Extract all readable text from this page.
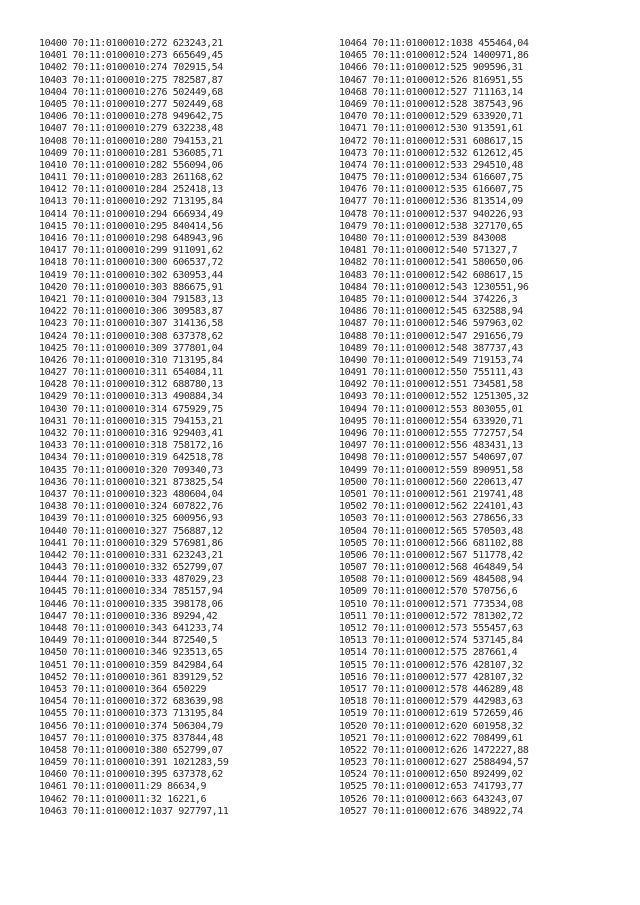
10400 70:11:0100010:272 623243,21
10401 70:11:0100010:273 665649,45
10402 70:11:0100010:274 702915,54
10403 70:11:0100010:275 782587,87
10404 70:11:0100010:276 502449,68
10405 70:11:0100010:277 502449,68
10406 70:11:0100010:278 949642,75
10407 70:11:0100010:279 632238,48
10408 70:11:0100010:280 794153,21
10409 70:11:0100010:281 536085,71
10410 70:11:0100010:282 556094,06
10411 70:11:0100010:283 261168,62
10412 70:11:0100010:284 252418,13
10413 70:11:0100010:292 713195,84
10414 70:11:0100010:294 666934,49
10415 70:11:0100010:295 840414,56
10416 70:11:0100010:298 648943,96
10417 70:11:0100010:299 911091,62
10418 70:11:0100010:300 606537,72
10419 70:11:0100010:302 630953,44
10420 70:11:0100010:303 886675,91
10421 70:11:0100010:304 791583,13
10422 70:11:0100010:306 309583,87
10423 70:11:0100010:307 314136,58
10424 70:11:0100010:308 637378,62
10425 70:11:0100010:309 377801,04
10426 70:11:0100010:310 713195,84
10427 70:11:0100010:311 654084,11
10428 70:11:0100010:312 688780,13
10429 70:11:0100010:313 490884,34
10430 70:11:0100010:314 675929,75
10431 70:11:0100010:315 794153,21
10432 70:11:0100010:316 929403,41
10433 70:11:0100010:318 758172,16
10434 70:11:0100010:319 642518,78
10435 70:11:0100010:320 709340,73
10436 70:11:0100010:321 873825,54
10437 70:11:0100010:323 480604,04
10438 70:11:0100010:324 607822,76
10439 70:11:0100010:325 600956,93
10440 70:11:0100010:327 756887,12
10441 70:11:0100010:329 576981,86
10442 70:11:0100010:331 623243,21
10443 70:11:0100010:332 652799,07
10444 70:11:0100010:333 487029,23
10445 70:11:0100010:334 785157,94
10446 70:11:0100010:335 398178,06
10447 70:11:0100010:336 89294,42
10448 70:11:0100010:343 641233,74
10449 70:11:0100010:344 872540,5
10450 70:11:0100010:346 923513,65
10451 70:11:0100010:359 842984,64
10452 70:11:0100010:361 839129,52
10453 70:11:0100010:364 650229
10454 70:11:0100010:372 683639,98
10455 70:11:0100010:373 713195,84
10456 70:11:0100010:374 506304,79
10457 70:11:0100010:375 837844,48
10458 70:11:0100010:380 652799,07
10459 70:11:0100010:391 1021283,59
10460 70:11:0100010:395 637378,62
10461 70:11:0100011:29 86634,9
10462 70:11:0100011:32 16221,6
10463 70:11:0100012:1037 927797,11
10464 70:11:0100012:1038 455464,04
10465 70:11:0100012:524 1400971,86
10466 70:11:0100012:525 909596,31
10467 70:11:0100012:526 816951,55
10468 70:11:0100012:527 711163,14
10469 70:11:0100012:528 387543,96
10470 70:11:0100012:529 633920,71
10471 70:11:0100012:530 913591,61
10472 70:11:0100012:531 608617,15
10473 70:11:0100012:532 612612,45
10474 70:11:0100012:533 294510,48
10475 70:11:0100012:534 616607,75
10476 70:11:0100012:535 616607,75
10477 70:11:0100012:536 813514,09
10478 70:11:0100012:537 940226,93
10479 70:11:0100012:538 327170,65
10480 70:11:0100012:539 843008
10481 70:11:0100012:540 571327,7
10482 70:11:0100012:541 580650,06
10483 70:11:0100012:542 608617,15
10484 70:11:0100012:543 1230551,96
10485 70:11:0100012:544 374226,3
10486 70:11:0100012:545 632588,94
10487 70:11:0100012:546 597963,02
10488 70:11:0100012:547 291656,79
10489 70:11:0100012:548 387737,43
10490 70:11:0100012:549 719153,74
10491 70:11:0100012:550 755111,43
10492 70:11:0100012:551 734581,58
10493 70:11:0100012:552 1251305,32
10494 70:11:0100012:553 803055,01
10495 70:11:0100012:554 633920,71
10496 70:11:0100012:555 772757,54
10497 70:11:0100012:556 483431,13
10498 70:11:0100012:557 540697,07
10499 70:11:0100012:559 890951,58
10500 70:11:0100012:560 220613,47
10501 70:11:0100012:561 219741,48
10502 70:11:0100012:562 224101,43
10503 70:11:0100012:563 278656,33
10504 70:11:0100012:565 570503,48
10505 70:11:0100012:566 681102,88
10506 70:11:0100012:567 511778,42
10507 70:11:0100012:568 464849,54
10508 70:11:0100012:569 484508,94
10509 70:11:0100012:570 570756,6
10510 70:11:0100012:571 773534,08
10511 70:11:0100012:572 781302,72
10512 70:11:0100012:573 555457,63
10513 70:11:0100012:574 537145,84
10514 70:11:0100012:575 287661,4
10515 70:11:0100012:576 428107,32
10516 70:11:0100012:577 428107,32
10517 70:11:0100012:578 446289,48
10518 70:11:0100012:579 442983,63
10519 70:11:0100012:619 572659,46
10520 70:11:0100012:620 601958,32
10521 70:11:0100012:622 708499,61
10522 70:11:0100012:626 1472227,88
10523 70:11:0100012:627 2588494,57
10524 70:11:0100012:650 892499,02
10525 70:11:0100012:653 741793,77
10526 70:11:0100012:663 643243,07
10527 70:11:0100012:676 348922,74
